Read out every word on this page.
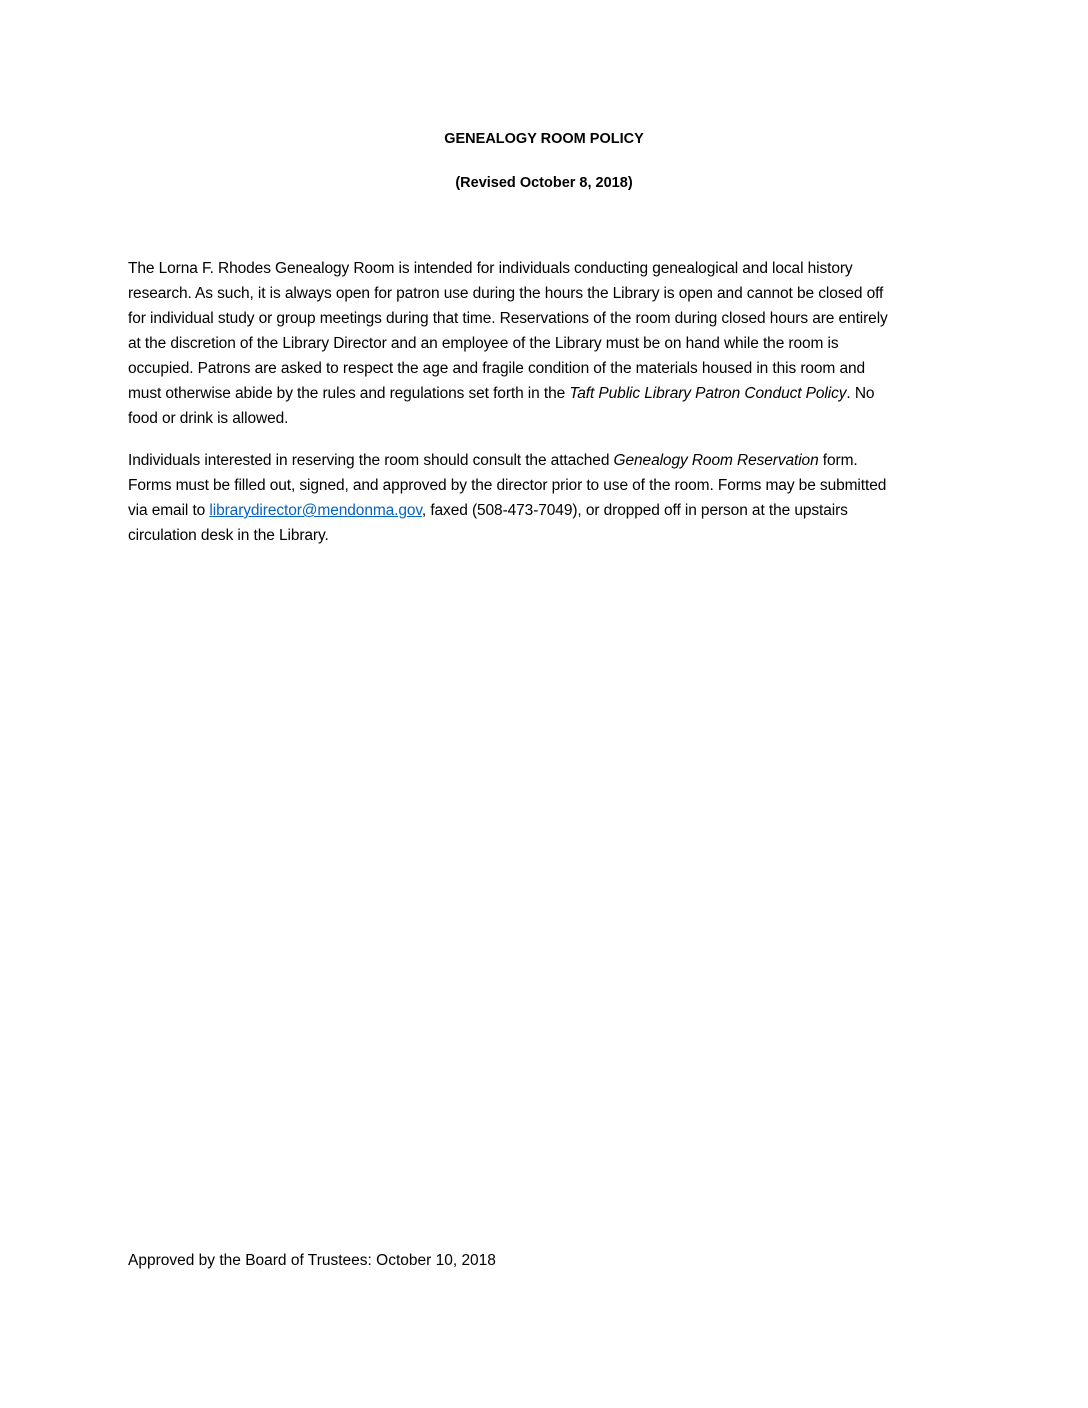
GENEALOGY ROOM POLICY

(Revised October 8, 2018)

The Lorna F. Rhodes Genealogy Room is intended for individuals conducting genealogical and local history
research. As such, it is always open for patron use during the hours the Library is open and cannot be closed off
for individual study or group meetings during that time. Reservations of the room during closed hours are entirely
at the discretion of the Library Director and an employee of the Library must be on hand while the room is
occupied. Patrons are asked to respect the age and fragile condition of the materials housed in this room and
must otherwise abide by the rules and regulations set forth in the Taft Public Library Patron Conduct Policy. No
food or drink is allowed.

Individuals interested in reserving the room should consult the attached Genealogy Room Reservation form.
Forms must be filled out, signed, and approved by the director prior to use of the room. Forms may be submitted
via email to librarydirector@mendonma.gov, faxed (508-473-7049), or dropped off in person at the upstairs
circulation desk in the Library.

Approved by the Board of Trustees: October 10, 2018
